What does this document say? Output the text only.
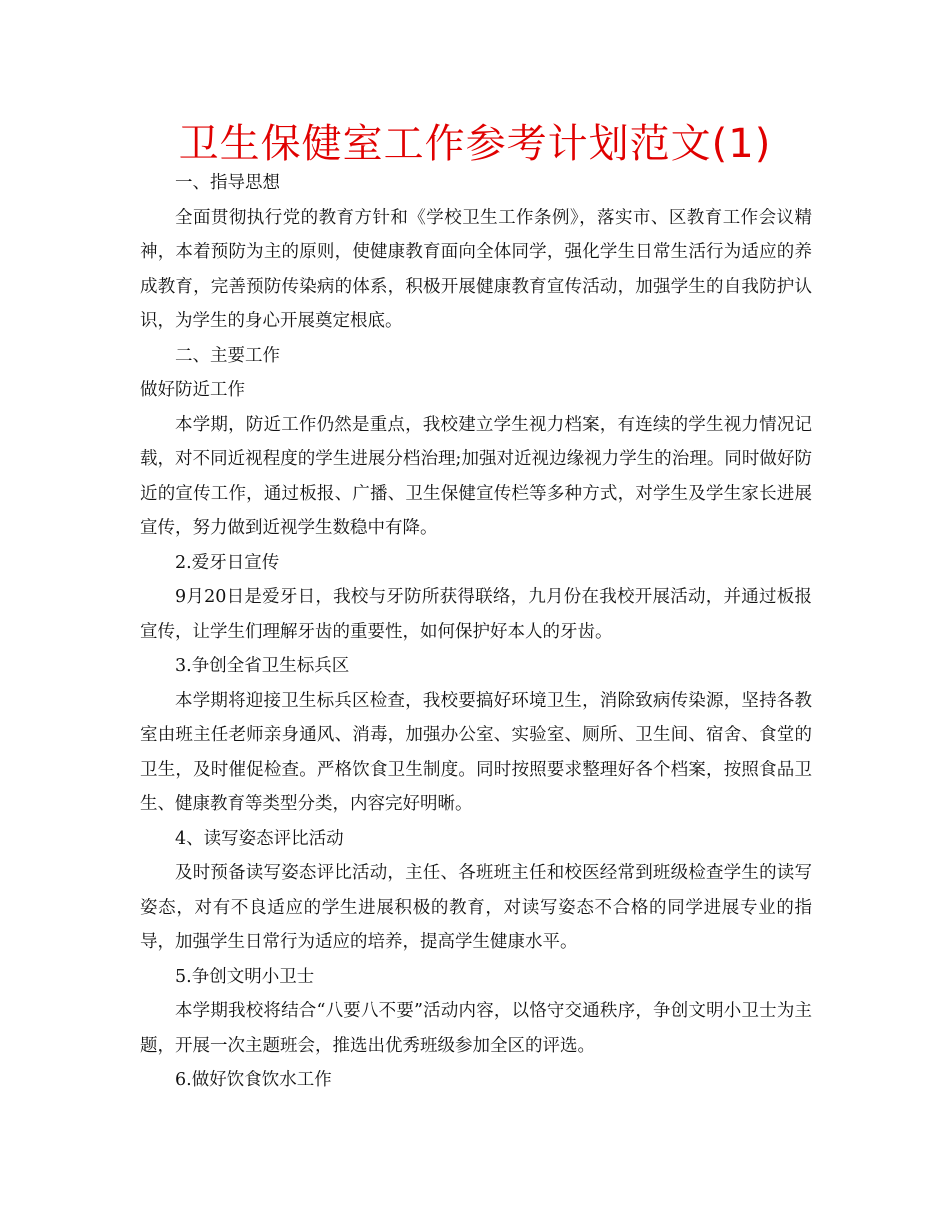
卫生保健室工作参考计划范文(1)

一、指导思想

全面贯彻执行党的教育方针和《学校卫生工作条例》，落实市、区教育工作会议精神，本着预防为主的原则，使健康教育面向全体同学，强化学生日常生活行为适应的养成教育，完善预防传染病的体系，积极开展健康教育宣传活动，加强学生的自我防护认识，为学生的身心开展奠定根底。

二、主要工作

做好防近工作

本学期，防近工作仍然是重点，我校建立学生视力档案，有连续的学生视力情况记载，对不同近视程度的学生进展分档治理;加强对近视边缘视力学生的治理。同时做好防近的宣传工作，通过板报、广播、卫生保健宣传栏等多种方式，对学生及学生家长进展宣传，努力做到近视学生数稳中有降。

2.爱牙日宣传

9月20日是爱牙日，我校与牙防所获得联络，九月份在我校开展活动，并通过板报宣传，让学生们理解牙齿的重要性，如何保护好本人的牙齿。

3.争创全省卫生标兵区

本学期将迎接卫生标兵区检查，我校要搞好环境卫生，消除致病传染源，坚持各教室由班主任老师亲身通风、消毒，加强办公室、实验室、厕所、卫生间、宿舍、食堂的卫生，及时催促检查。严格饮食卫生制度。同时按照要求整理好各个档案，按照食品卫生、健康教育等类型分类，内容完好明晰。

4、读写姿态评比活动

及时预备读写姿态评比活动，主任、各班班主任和校医经常到班级检查学生的读写姿态，对有不良适应的学生进展积极的教育，对读写姿态不合格的同学进展专业的指导，加强学生日常行为适应的培养，提高学生健康水平。

5.争创文明小卫士

本学期我校将结合“八要八不要”活动内容，以恪守交通秩序，争创文明小卫士为主题，开展一次主题班会，推选出优秀班级参加全区的评选。

6.做好饮食饮水工作
